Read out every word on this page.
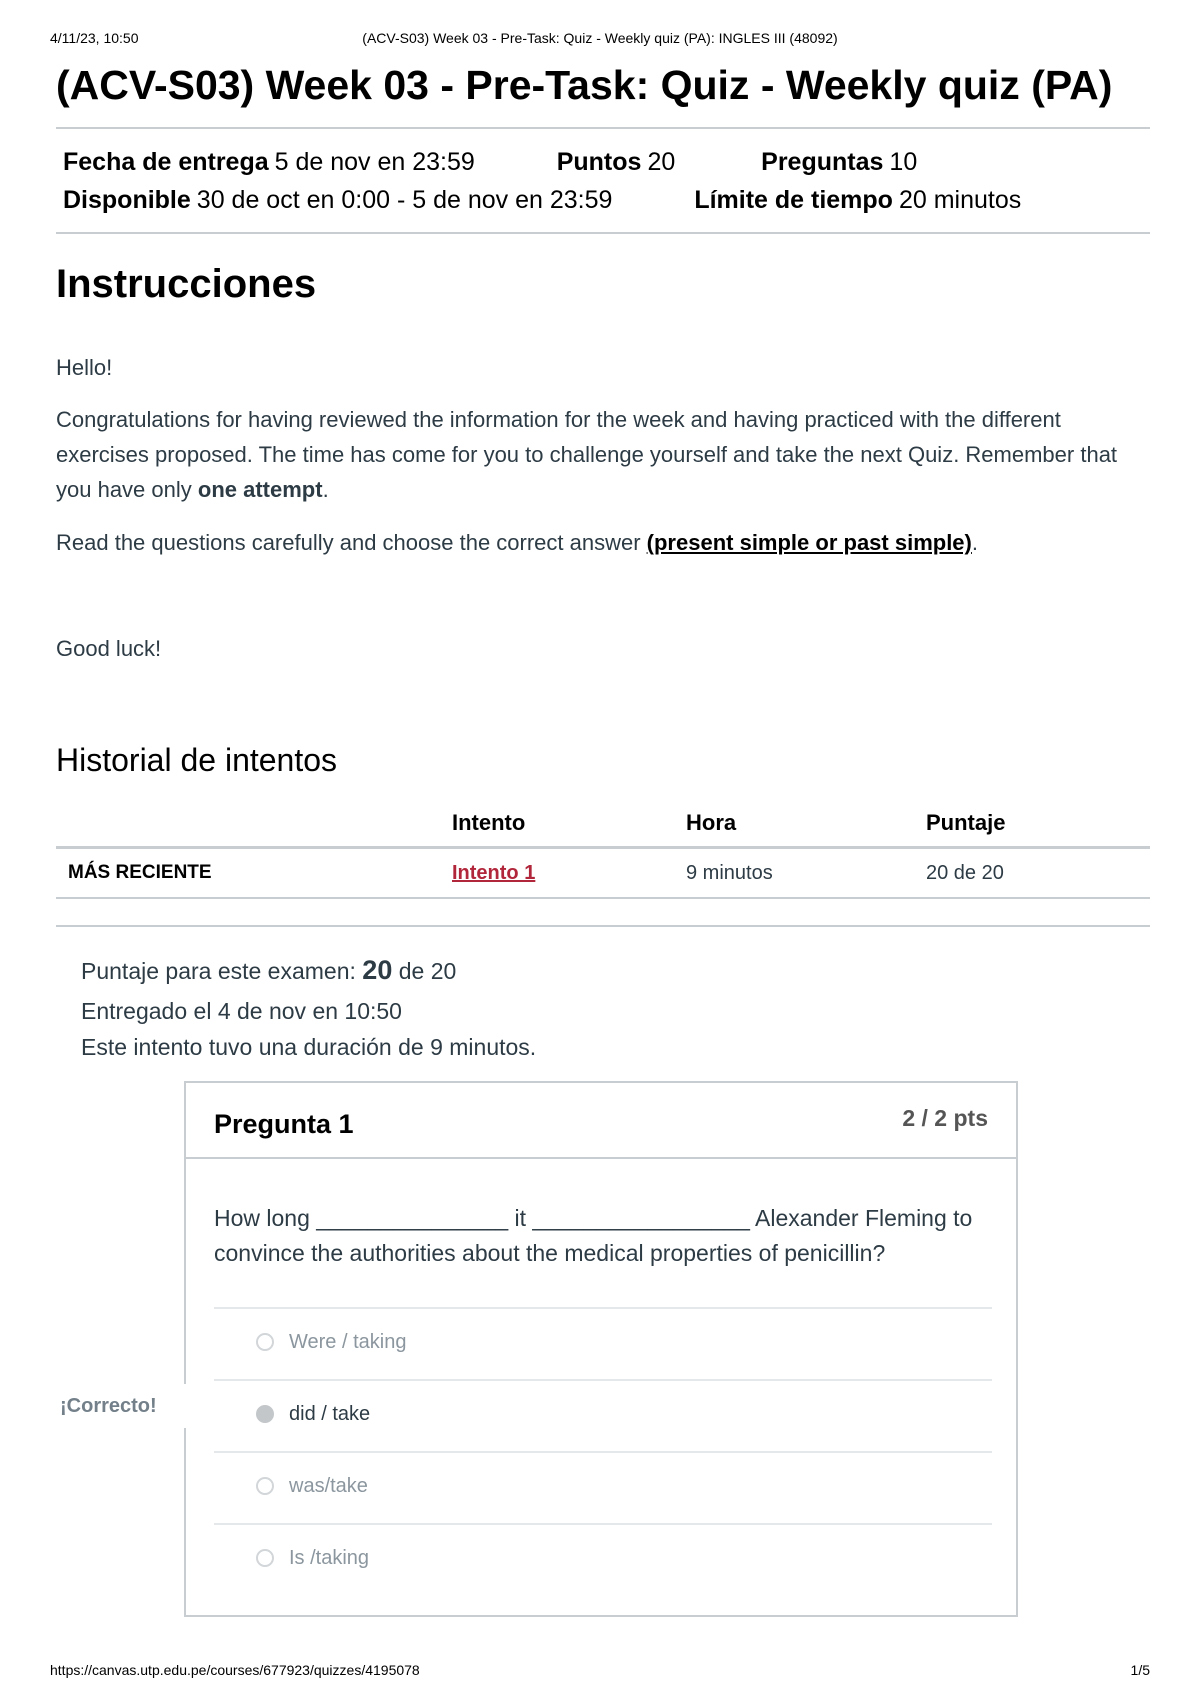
4/11/23, 10:50	(ACV-S03) Week 03 - Pre-Task: Quiz - Weekly quiz (PA): INGLES III (48092)
(ACV-S03) Week 03 - Pre-Task: Quiz - Weekly quiz (PA)
Fecha de entrega 5 de nov en 23:59	Puntos 20	Preguntas 10
Disponible 30 de oct en 0:00 - 5 de nov en 23:59	Límite de tiempo 20 minutos
Instrucciones

Hello!

Congratulations for having reviewed the information for the week and having practiced with the different exercises proposed. The time has come for you to challenge yourself and take the next Quiz. Remember that you have only one attempt.

Read the questions carefully and choose the correct answer (present simple or past simple).

Good luck!

Historial de intentos
	Intento	Hora	Puntaje
MÁS RECIENTE	Intento 1	9 minutos	20 de 20
Puntaje para este examen: 20 de 20
Entregado el 4 de nov en 10:50
Este intento tuvo una duración de 9 minutos.
Pregunta 1	2 / 2 pts
How long _______________ it _________________ Alexander Fleming to
convince the authorities about the medical properties of penicillin?
Were / taking
did / take
was/take
Is /taking
¡Correcto!
https://canvas.utp.edu.pe/courses/677923/quizzes/4195078	1/5
